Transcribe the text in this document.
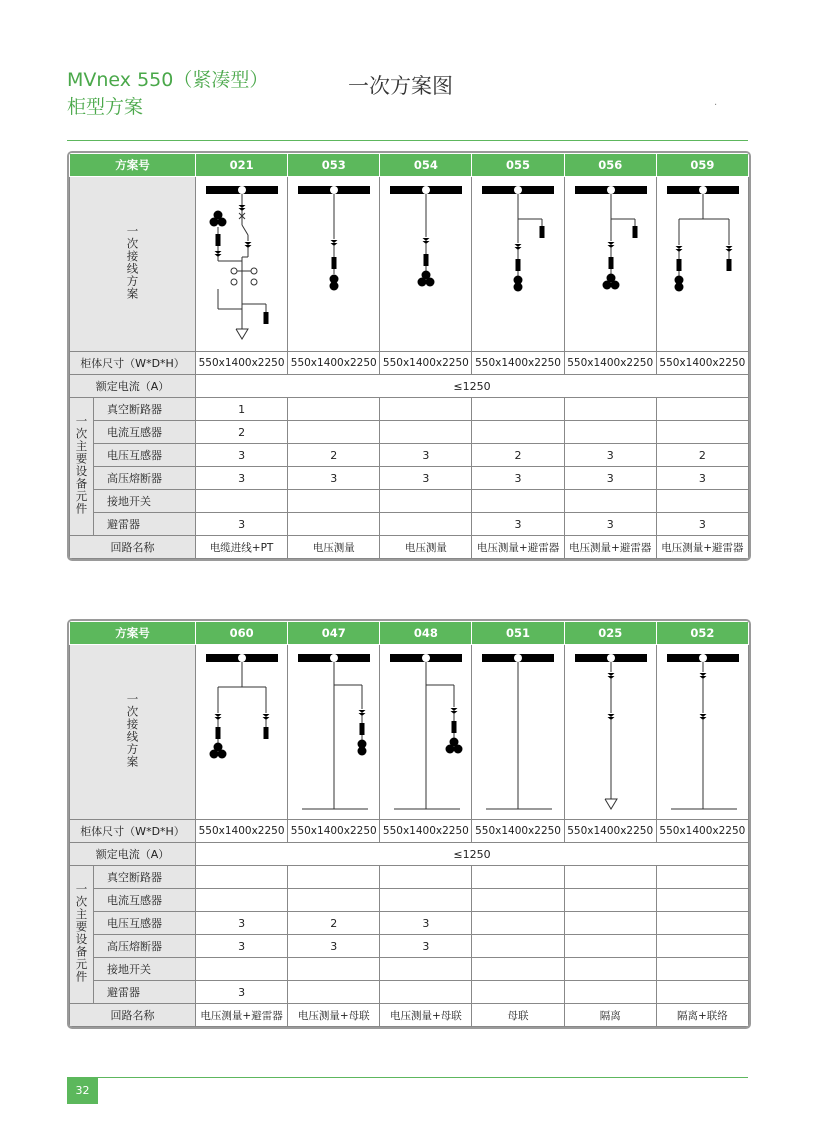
MVnex 550（紧凑型）
柜型方案
一次方案图
·
方案号		021	053	054	055	056	059
一次接线方案	

柜体尺寸（W*D*H）		550x1400x2250	550x1400x2250	550x1400x2250	550x1400x2250	550x1400x2250	550x1400x2250
额定电流（A）		≤1250					
一次主要设备元件	真空断路器	1					
	电流互感器	2					
	电压互感器	3	2	3	2	3	2
	高压熔断器	3	3	3	3	3	3
	接地开关						
	避雷器	3			3	3	3
回路名称		电缆进线+PT	电压测量	电压测量	电压测量+避雷器	电压测量+避雷器	电压测量+避雷器
方案号		060	047	048	051	025	052
一次接线方案	

柜体尺寸（W*D*H）		550x1400x2250	550x1400x2250	550x1400x2250	550x1400x2250	550x1400x2250	550x1400x2250
额定电流（A）		≤1250					
一次主要设备元件	真空断路器						
	电流互感器						
	电压互感器	3	2	3			
	高压熔断器	3	3	3			
	接地开关						
	避雷器	3					
回路名称		电压测量+避雷器	电压测量+母联	电压测量+母联	母联	隔离	隔离+联络
32
